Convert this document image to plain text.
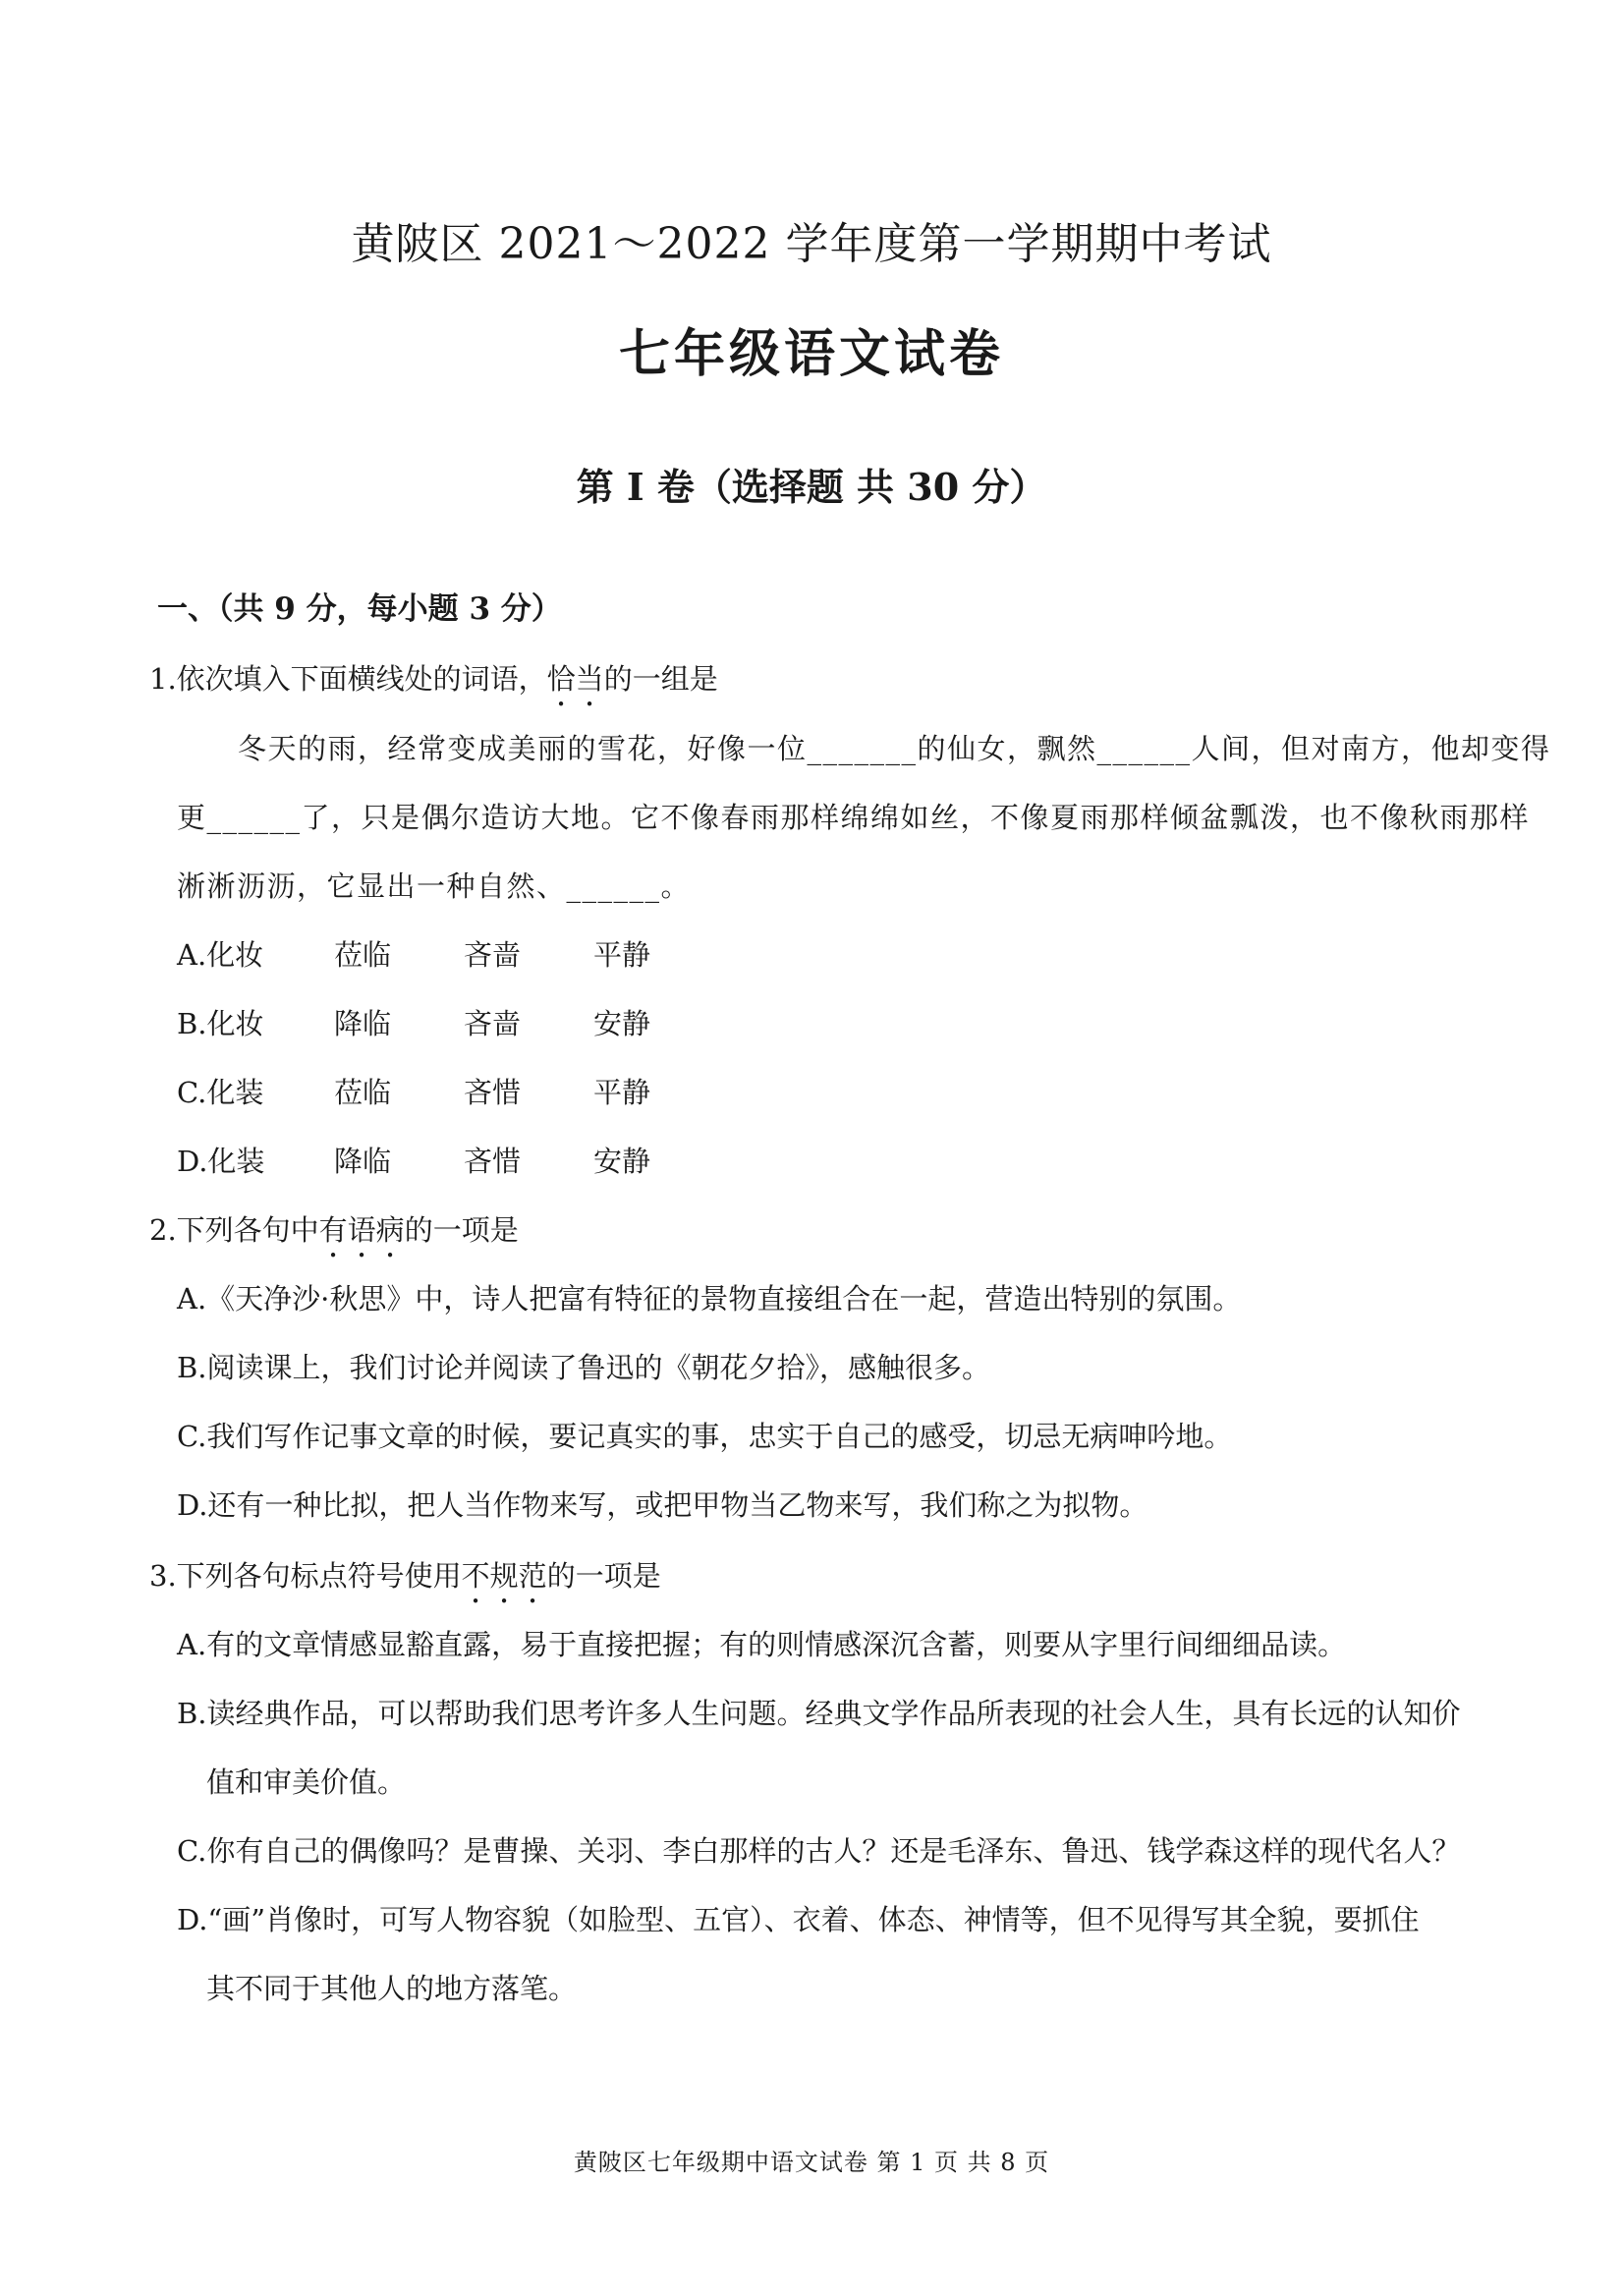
黄陂区 2021～2022 学年度第一学期期中考试
七年级语文试卷
第 I 卷（选择题 共 30 分）
一、（共 9 分，每小题 3 分）
1.依次填入下面横线处的词语，恰当的一组是
冬天的雨，经常变成美丽的雪花，好像一位_______的仙女，飘然______人间，但对南方，他却变得
更______了，只是偶尔造访大地。它不像春雨那样绵绵如丝，不像夏雨那样倾盆瓢泼，也不像秋雨那样
淅淅沥沥，它显出一种自然、______。
A.化妆 莅临	吝啬	平静
B.化妆 降临	吝啬	安静
C.化装 莅临	吝惜	平静
D.化装 降临	吝惜	安静
2.下列各句中有语病的一项是
A.《天净沙·秋思》中，诗人把富有特征的景物直接组合在一起，营造出特别的氛围。
B.阅读课上，我们讨论并阅读了鲁迅的《朝花夕拾》，感触很多。
C.我们写作记事文章的时候，要记真实的事，忠实于自己的感受，切忌无病呻吟地。
D.还有一种比拟，把人当作物来写，或把甲物当乙物来写，我们称之为拟物。
3.下列各句标点符号使用不规范的一项是
A.有的文章情感显豁直露，易于直接把握；有的则情感深沉含蓄，则要从字里行间细细品读。
B.读经典作品，可以帮助我们思考许多人生问题。经典文学作品所表现的社会人生，具有长远的认知价
值和审美价值。
C.你有自己的偶像吗？是曹操、关羽、李白那样的古人？还是毛泽东、鲁迅、钱学森这样的现代名人？
D.“画”肖像时，可写人物容貌（如脸型、五官）、衣着、体态、神情等，但不见得写其全貌，要抓住
其不同于其他人的地方落笔。
黄陂区七年级期中语文试卷 第 1 页 共 8 页
